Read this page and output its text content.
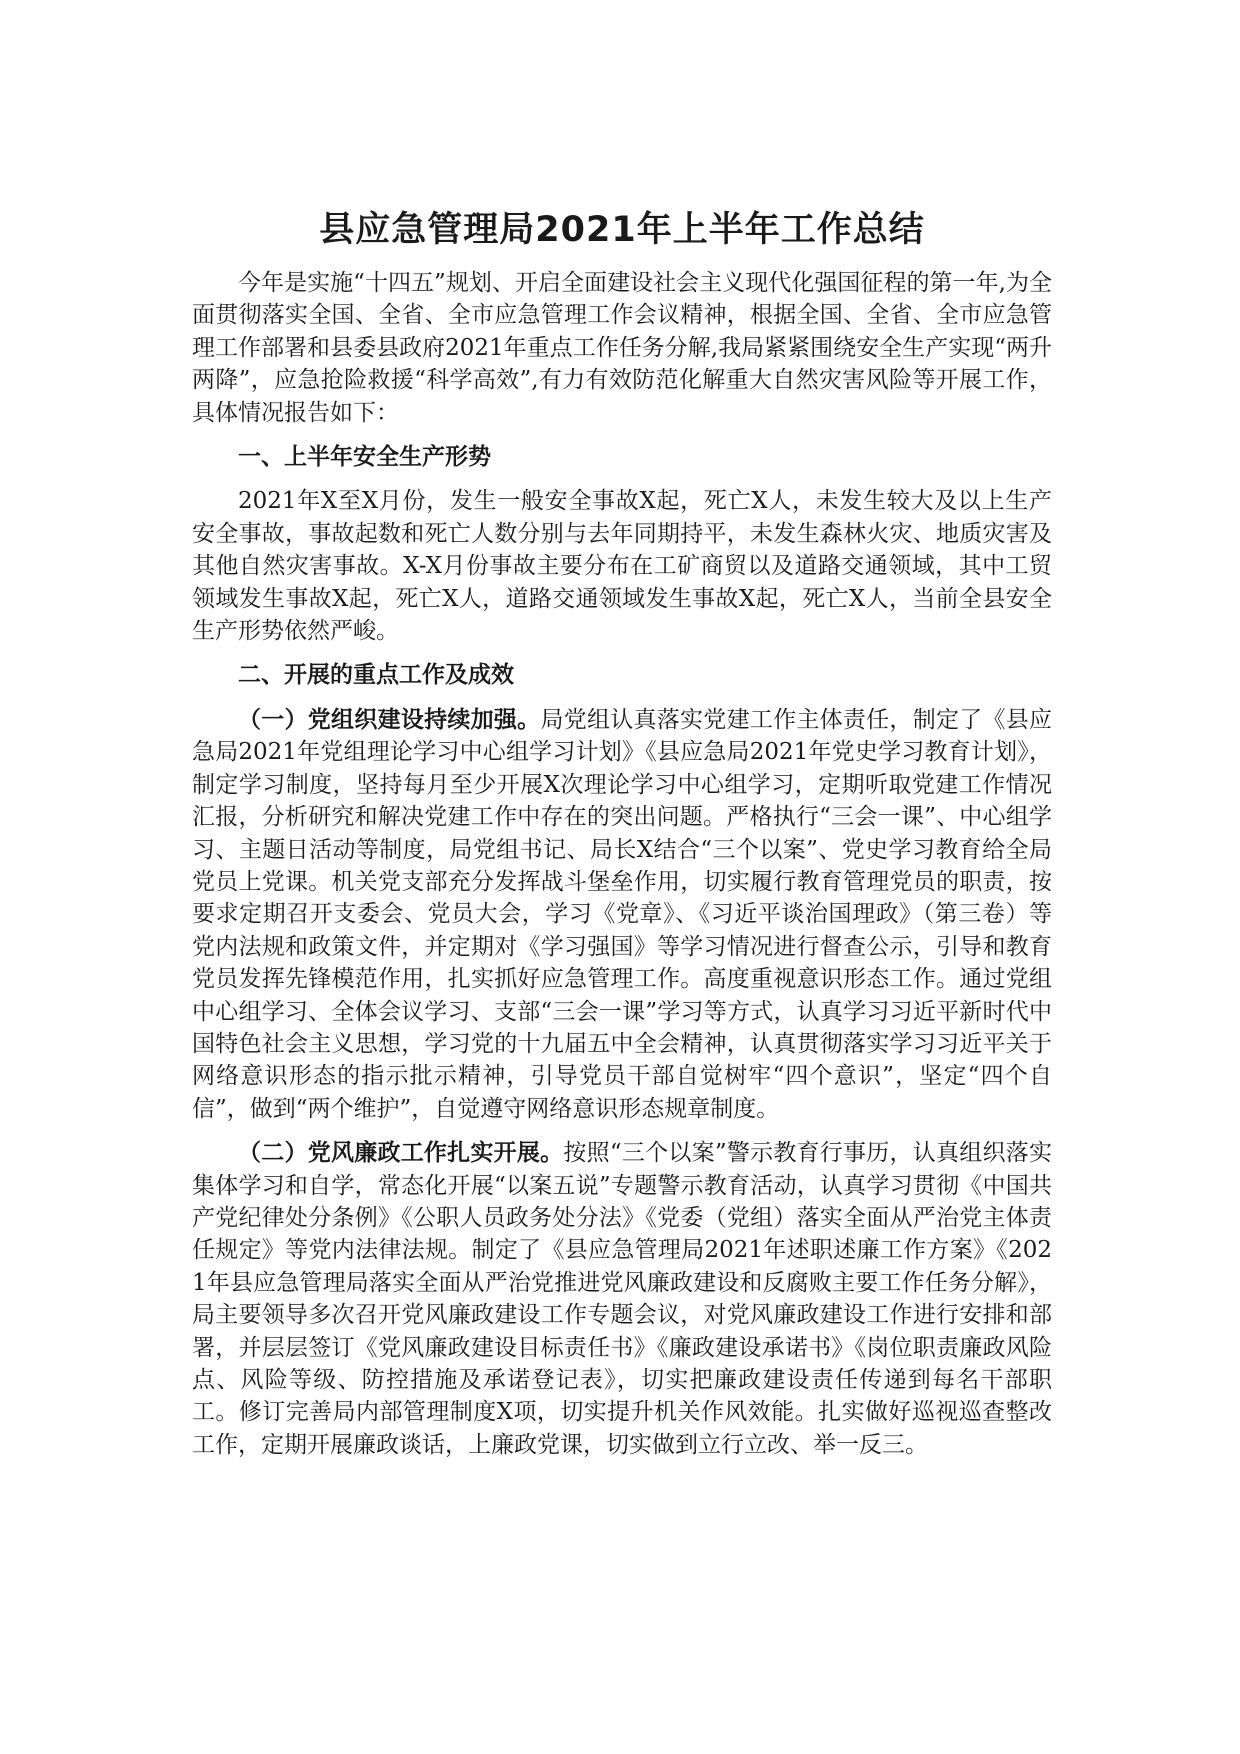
县应急管理局2021年上半年工作总结

今年是实施“十四五”规划、开启全面建设社会主义现代化强国征程的第一年,为全面贯彻落实全国、全省、全市应急管理工作会议精神，根据全国、全省、全市应急管理工作部署和县委县政府2021年重点工作任务分解,我局紧紧围绕安全生产实现“两升两降”，应急抢险救援“科学高效”,有力有效防范化解重大自然灾害风险等开展工作，具体情况报告如下：

一、上半年安全生产形势

2021年X至X月份，发生一般安全事故X起，死亡X人，未发生较大及以上生产安全事故，事故起数和死亡人数分别与去年同期持平，未发生森林火灾、地质灾害及其他自然灾害事故。X-X月份事故主要分布在工矿商贸以及道路交通领域，其中工贸领域发生事故X起，死亡X人，道路交通领域发生事故X起，死亡X人，当前全县安全生产形势依然严峻。

二、开展的重点工作及成效

（一）党组织建设持续加强。局党组认真落实党建工作主体责任，制定了《县应急局2021年党组理论学习中心组学习计划》《县应急局2021年党史学习教育计划》，制定学习制度，坚持每月至少开展X次理论学习中心组学习，定期听取党建工作情况汇报，分析研究和解决党建工作中存在的突出问题。严格执行“三会一课”、中心组学习、主题日活动等制度，局党组书记、局长X结合“三个以案”、党史学习教育给全局党员上党课。机关党支部充分发挥战斗堡垒作用，切实履行教育管理党员的职责，按要求定期召开支委会、党员大会，学习《党章》、《习近平谈治国理政》（第三卷）等党内法规和政策文件，并定期对《学习强国》等学习情况进行督查公示，引导和教育党员发挥先锋模范作用，扎实抓好应急管理工作。高度重视意识形态工作。通过党组中心组学习、全体会议学习、支部“三会一课”学习等方式，认真学习习近平新时代中国特色社会主义思想，学习党的十九届五中全会精神，认真贯彻落实学习习近平关于网络意识形态的指示批示精神，引导党员干部自觉树牢“四个意识”，坚定“四个自信”，做到“两个维护”，自觉遵守网络意识形态规章制度。

（二）党风廉政工作扎实开展。按照“三个以案”警示教育行事历，认真组织落实集体学习和自学，常态化开展“以案五说”专题警示教育活动，认真学习贯彻《中国共产党纪律处分条例》《公职人员政务处分法》《党委（党组）落实全面从严治党主体责任规定》等党内法律法规。制定了《县应急管理局2021年述职述廉工作方案》《2021年县应急管理局落实全面从严治党推进党风廉政建设和反腐败主要工作任务分解》，局主要领导多次召开党风廉政建设工作专题会议，对党风廉政建设工作进行安排和部署，并层层签订《党风廉政建设目标责任书》《廉政建设承诺书》《岗位职责廉政风险点、风险等级、防控措施及承诺登记表》，切实把廉政建设责任传递到每名干部职工。修订完善局内部管理制度X项，切实提升机关作风效能。扎实做好巡视巡查整改工作，定期开展廉政谈话，上廉政党课，切实做到立行立改、举一反三。
